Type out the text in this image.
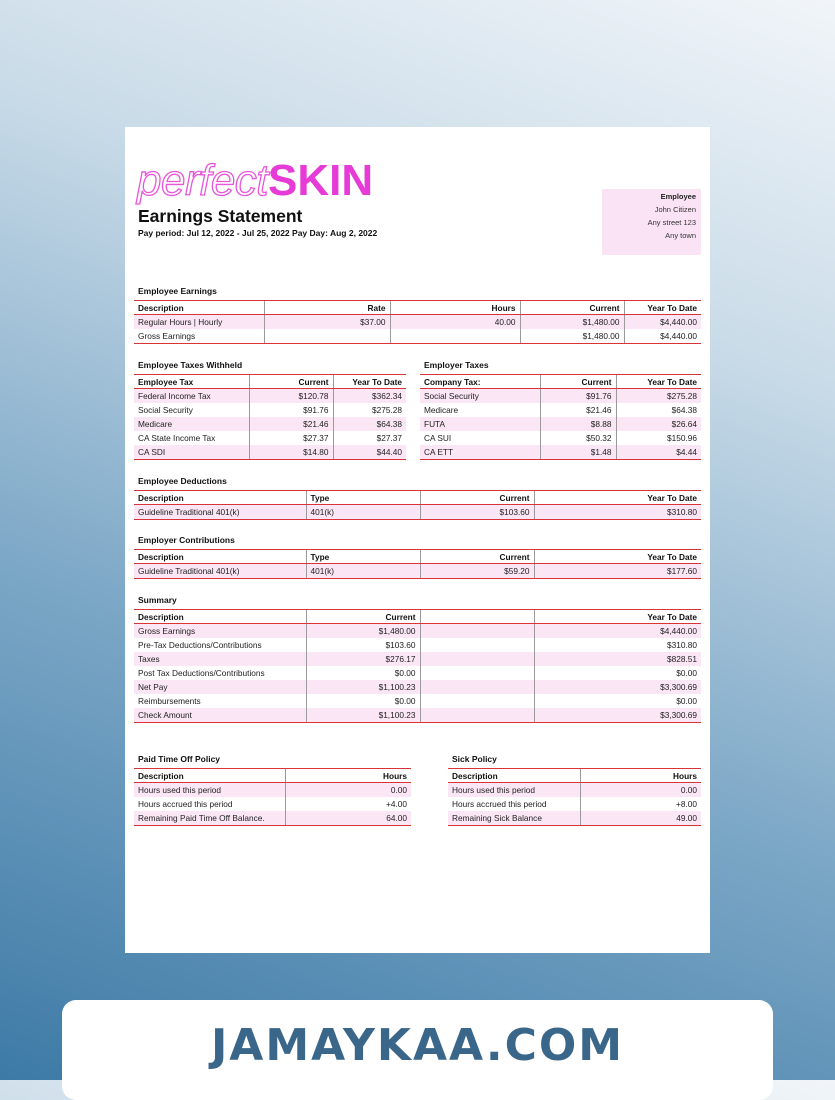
perfectSKIN
Earnings Statement
Pay period: Jul 12, 2022 - Jul 25, 2022 Pay Day: Aug 2, 2022
Employee
John Citizen
Any street 123
Any town
Employee Earnings
Description	Rate	Hours	Current	Year To Date
Regular Hours | Hourly	$37.00	40.00	$1,480.00	$4,440.00
Gross Earnings			$1,480.00	$4,440.00
Employee Taxes Withheld
Employee Tax	Current	Year To Date
Federal Income Tax	$120.78	$362.34
Social Security	$91.76	$275.28
Medicare	$21.46	$64.38
CA State Income Tax	$27.37	$27.37
CA SDI	$14.80	$44.40
Employer Taxes
Company Tax:	Current	Year To Date
Social Security	$91.76	$275.28
Medicare	$21.46	$64.38
FUTA	$8.88	$26.64
CA SUI	$50.32	$150.96
CA ETT	$1.48	$4.44
Employee Deductions
Description	Type	Current	Year To Date
Guideline Traditional 401(k)	401(k)	$103.60	$310.80
Employer Contributions
Description	Type	Current	Year To Date
Guideline Traditional 401(k)	401(k)	$59.20	$177.60
Summary
Description	Current		Year To Date
Gross Earnings	$1,480.00		$4,440.00
Pre-Tax Deductions/Contributions	$103.60		$310.80
Taxes	$276.17		$828.51
Post Tax Deductions/Contributions	$0.00		$0.00
Net Pay	$1,100.23		$3,300.69
Reimbursements	$0.00		$0.00
Check Amount	$1,100.23		$3,300.69
Paid Time Off Policy
Description	Hours
Hours used this period	0.00
Hours accrued this period	+4.00
Remaining Paid Time Off Balance.	64.00
Sick Policy
Description	Hours
Hours used this period	0.00
Hours accrued this period	+8.00
Remaining Sick Balance	49.00
JAMAYKAA.COM
